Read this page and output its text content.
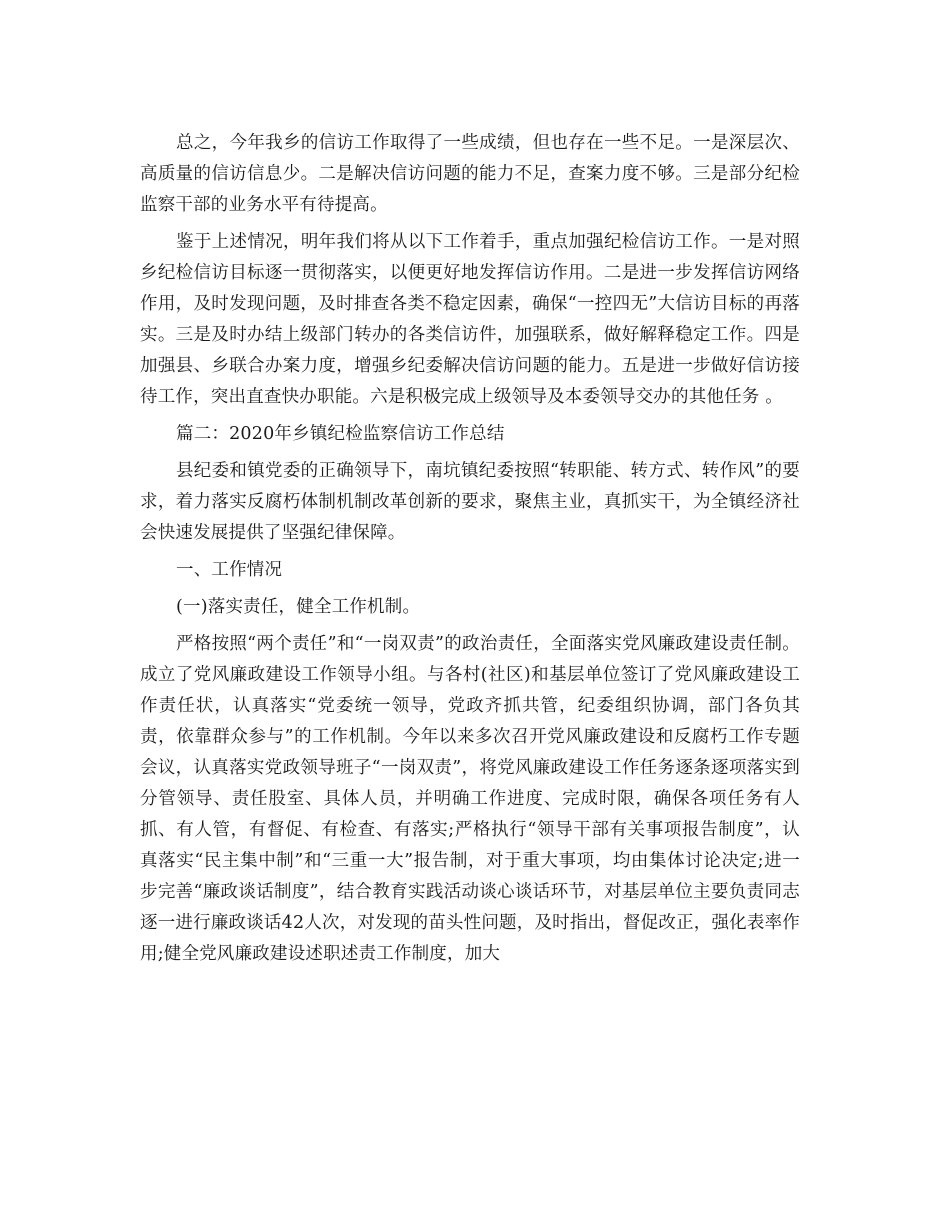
总之，今年我乡的信访工作取得了一些成绩，但也存在一些不足。一是深层次、高质量的信访信息少。二是解决信访问题的能力不足，查案力度不够。三是部分纪检监察干部的业务水平有待提高。

鉴于上述情况，明年我们将从以下工作着手，重点加强纪检信访工作。一是对照乡纪检信访目标逐一贯彻落实，以便更好地发挥信访作用。二是进一步发挥信访网络作用，及时发现问题，及时排查各类不稳定因素，确保“一控四无”大信访目标的再落实。三是及时办结上级部门转办的各类信访件，加强联系，做好解释稳定工作。四是加强县、乡联合办案力度，增强乡纪委解决信访问题的能力。五是进一步做好信访接待工作，突出直查快办职能。六是积极完成上级领导及本委领导交办的其他任务 。

篇二：2020年乡镇纪检监察信访工作总结

县纪委和镇党委的正确领导下，南坑镇纪委按照“转职能、转方式、转作风”的要求，着力落实反腐朽体制机制改革创新的要求，聚焦主业，真抓实干，为全镇经济社会快速发展提供了坚强纪律保障。

一、工作情况

(一)落实责任，健全工作机制。

严格按照“两个责任”和“一岗双责”的政治责任，全面落实党风廉政建设责任制。成立了党风廉政建设工作领导小组。与各村(社区)和基层单位签订了党风廉政建设工作责任状，认真落实“党委统一领导，党政齐抓共管，纪委组织协调，部门各负其责，依靠群众参与”的工作机制。今年以来多次召开党风廉政建设和反腐朽工作专题会议，认真落实党政领导班子“一岗双责”，将党风廉政建设工作任务逐条逐项落实到分管领导、责任股室、具体人员，并明确工作进度、完成时限，确保各项任务有人抓、有人管，有督促、有检查、有落实;严格执行“领导干部有关事项报告制度”，认真落实“民主集中制”和“三重一大”报告制，对于重大事项，均由集体讨论决定;进一步完善“廉政谈话制度”，结合教育实践活动谈心谈话环节，对基层单位主要负责同志逐一进行廉政谈话42人次，对发现的苗头性问题，及时指出，督促改正，强化表率作用;健全党风廉政建设述职述责工作制度，加大
